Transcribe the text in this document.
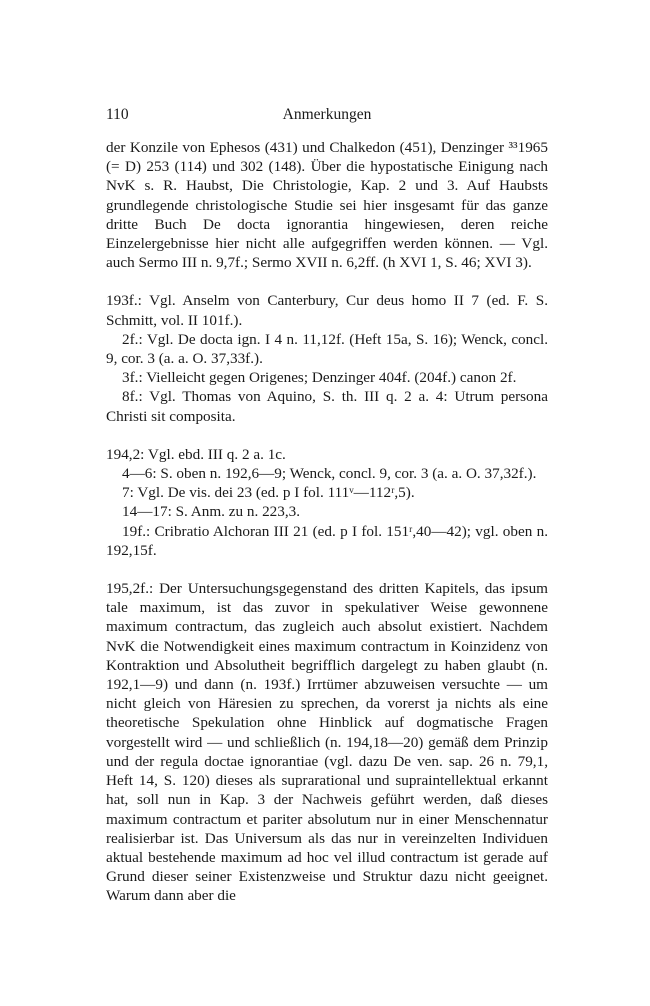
110	Anmerkungen

der Konzile von Ephesos (431) und Chalkedon (451), Denzinger ³³1965 (= D) 253 (114) und 302 (148). Über die hypostatische Einigung nach NvK s. R. Haubst, Die Christologie, Kap. 2 und 3. Auf Haubsts grundlegende christologische Studie sei hier insgesamt für das ganze dritte Buch De docta ignorantia hingewiesen, deren reiche Einzelergebnisse hier nicht alle aufgegriffen werden können. — Vgl. auch Sermo III n. 9,7f.; Sermo XVII n. 6,2ff. (h XVI 1, S. 46; XVI 3).

193f.: Vgl. Anselm von Canterbury, Cur deus homo II 7 (ed. F. S. Schmitt, vol. II 101f.).

2f.: Vgl. De docta ign. I 4 n. 11,12f. (Heft 15a, S. 16); Wenck, concl. 9, cor. 3 (a. a. O. 37,33f.).

3f.: Vielleicht gegen Origenes; Denzinger 404f. (204f.) canon 2f.

8f.: Vgl. Thomas von Aquino, S. th. III q. 2 a. 4: Utrum persona Christi sit composita.

194,2: Vgl. ebd. III q. 2 a. 1c.

4—6: S. oben n. 192,6—9; Wenck, concl. 9, cor. 3 (a. a. O. 37,32f.).

7: Vgl. De vis. dei 23 (ed. p I fol. 111ᵛ—112ʳ,5).

14—17: S. Anm. zu n. 223,3.

19f.: Cribratio Alchoran III 21 (ed. p I fol. 151ʳ,40—42); vgl. oben n. 192,15f.

195,2f.: Der Untersuchungsgegenstand des dritten Kapitels, das ipsum tale maximum, ist das zuvor in spekulativer Weise gewonnene maximum contractum, das zugleich auch absolut existiert. Nachdem NvK die Notwendigkeit eines maximum contractum in Koinzidenz von Kontraktion und Absolutheit begrifflich dargelegt zu haben glaubt (n. 192,1—9) und dann (n. 193f.) Irrtümer abzuweisen versuchte — um nicht gleich von Häresien zu sprechen, da vorerst ja nichts als eine theoretische Spekulation ohne Hinblick auf dogmatische Fragen vorgestellt wird — und schließlich (n. 194,18—20) gemäß dem Prinzip und der regula doctae ignorantiae (vgl. dazu De ven. sap. 26 n. 79,1, Heft 14, S. 120) dieses als suprarational und supraintellektual erkannt hat, soll nun in Kap. 3 der Nachweis geführt werden, daß dieses maximum contractum et pariter absolutum nur in einer Menschennatur realisierbar ist. Das Universum als das nur in vereinzelten Individuen aktual bestehende maximum ad hoc vel illud contractum ist gerade auf Grund dieser seiner Existenzweise und Struktur dazu nicht geeignet. Warum dann aber die
